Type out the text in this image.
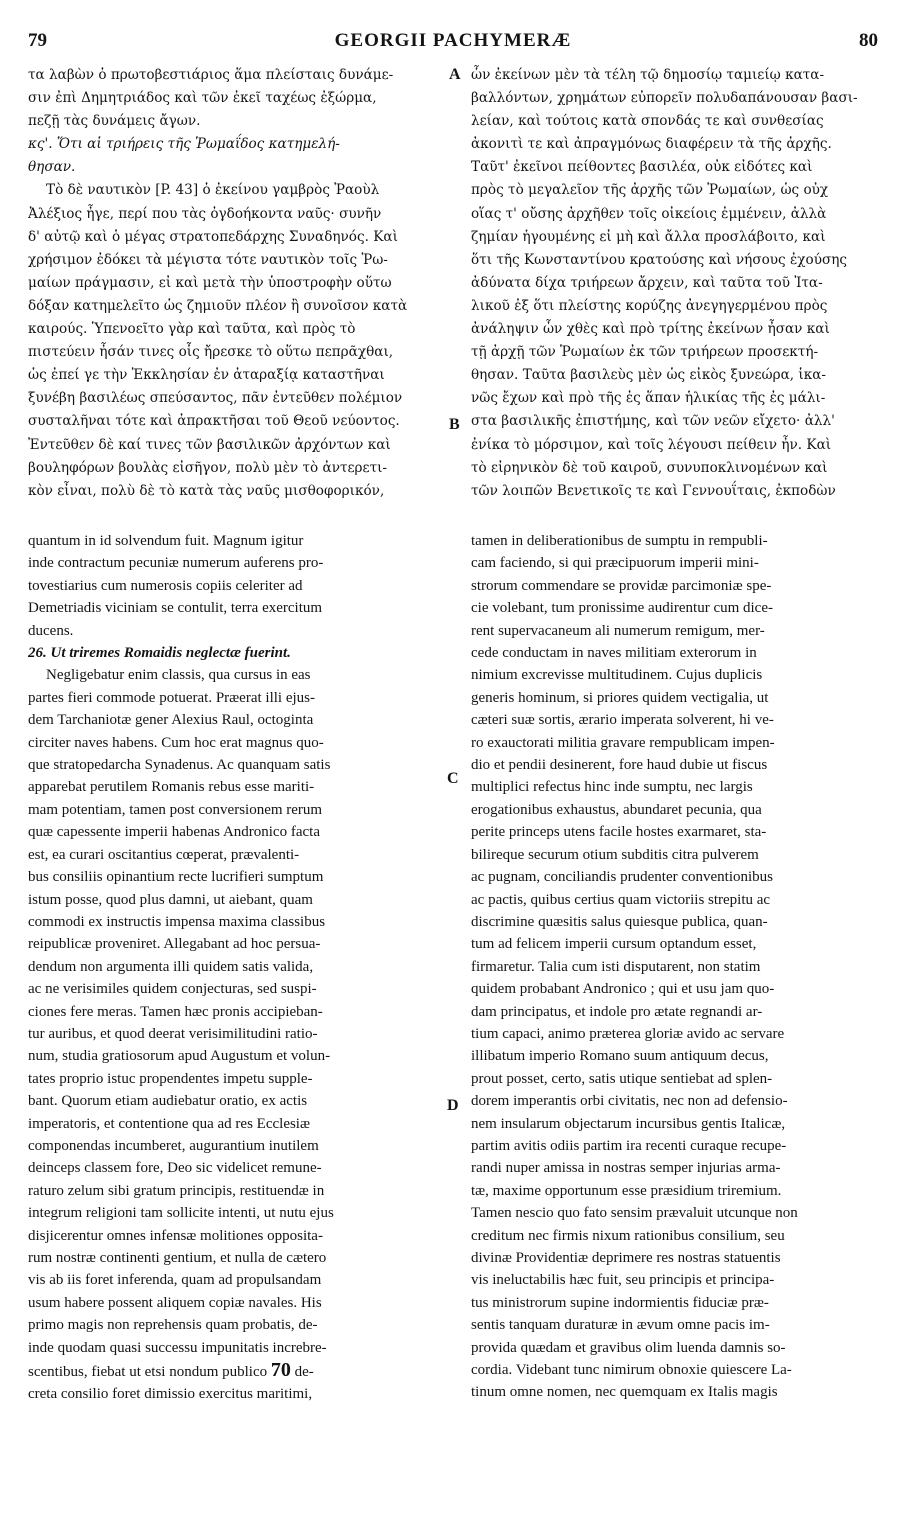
79	GEORGII PACHYMERÆ	80
τα λαβὼν ὁ πρωτοβεστιάριος ἅμα πλείσταις δυνάμε-
σιν ἐπὶ Δημητριάδος καὶ τῶν ἐκεῖ ταχέως ἐξώρμα,
πεζῇ τὰς δυνάμεις ἄγων.
κς'. Ὅτι αἱ τριήρεις τῆς Ῥωμαΐδος κατημελή-
θησαν.
Τὸ δὲ ναυτικὸν [P. 43] ὁ ἐκείνου γαμβρὸς Ῥαοὺλ
Ἀλέξιος ἦγε, περί που τὰς ὀγδοήκοντα ναῦς· συνῆν
δ' αὐτῷ καὶ ὁ μέγας στρατοπεδάρχης Συναδηνός. Καὶ
χρήσιμον ἐδόκει τὰ μέγιστα τότε ναυτικὸν τοῖς Ῥω-
μαίων πράγμασιν, εἰ καὶ μετὰ τὴν ὑποστροφὴν οὕτω
δόξαν κατημελεῖτο ὡς ζημιοῦν πλέον ἢ συνοῖσον κατὰ
καιρούς. Ὑπενοεῖτο γὰρ καὶ ταῦτα, καὶ πρὸς τὸ
πιστεύειν ἦσάν τινες οἷς ἤρεσκε τὸ οὕτω πεπρᾶχθαι,
ὡς ἐπεί γε τὴν Ἐκκλησίαν ἐν ἀταραξίᾳ καταστῆναι
ξυνέβη βασιλέως σπεύσαντος, πᾶν ἐντεῦθεν πολέμιον
συσταλῆναι τότε καὶ ἀπρακτῆσαι τοῦ Θεοῦ νεύοντος.
Ἐντεῦθεν δὲ καί τινες τῶν βασιλικῶν ἀρχόντων καὶ
βουληφόρων βουλὰς εἰσῆγον, πολὺ μὲν τὸ ἀντερετι-
κὸν εἶναι, πολὺ δὲ τὸ κατὰ τὰς ναῦς μισθοφορικόν,
ὧν ἐκείνων μὲν τὰ τέλη τῷ δημοσίῳ ταμιείῳ κατα-
βαλλόντων, χρημάτων εὐπορεῖν πολυδαπάνουσαν βασι-
λείαν, καὶ τούτοις κατὰ σπονδάς τε καὶ συνθεσίας
ἀκονιτὶ τε καὶ ἀπραγμόνως διαφέρειν τὰ τῆς ἀρχῆς.
Ταῦτ' ἐκεῖνοι πείθοντες βασιλέα, οὐκ εἰδότες καὶ
πρὸς τὸ μεγαλεῖον τῆς ἀρχῆς τῶν Ῥωμαίων, ὡς οὐχ
οἵας τ' οὔσης ἀρχῆθεν τοῖς οἰκείοις ἐμμένειν, ἀλλὰ
ζημίαν ἡγουμένης εἰ μὴ καὶ ἄλλα προσλάβοιτο, καὶ
ὅτι τῆς Κωνσταντίνου κρατούσης καὶ νήσους ἐχούσης
ἀδύνατα δίχα τριήρεων ἄρχειν, καὶ ταῦτα τοῦ Ἰτα-
λικοῦ ἐξ ὅτι πλείστης κορύζης ἀνεγηγερμένου πρὸς
ἀνάληψιν ὧν χθὲς καὶ πρὸ τρίτης ἐκείνων ἦσαν καὶ
τῇ ἀρχῇ τῶν Ῥωμαίων ἐκ τῶν τριήρεων προσεκτή-
θησαν. Ταῦτα βασιλεὺς μὲν ὡς εἰκὸς ξυνεώρα, ἱκα-
νῶς ἔχων καὶ πρὸ τῆς ἐς ἅπαν ἡλικίας τῆς ἐς μάλι-
στα βασιλικῆς ἐπιστήμης, καὶ τῶν νεῶν εἴχετο· ἀλλ'
ἐνίκα τὸ μόρσιμον, καὶ τοῖς λέγουσι πείθειν ἦν. Καὶ
τὸ εἰρηνικὸν δὲ τοῦ καιροῦ, συνυποκλινομένων καὶ
τῶν λοιπῶν Βενετικοῖς τε καὶ Γεννουΐταις, ἐκποδὼν
quantum in id solvendum fuit. Magnum igitur
inde contractum pecuniæ numerum auferens pro-
tovestiarius cum numerosis copiis celeriter ad
Demetriadis viciniam se contulit, terra exercitum
ducens.
26. Ut triremes Romaidis neglectæ fuerint.
Negligebatur enim classis, qua cursus in eas
partes fieri commode potuerat. Præerat illi ejus-
dem Tarchaniotæ gener Alexius Raul, octoginta
circiter naves habens. Cum hoc erat magnus quo-
que stratopedarcha Synadenus. Ac quanquam satis
apparebat perutilem Romanis rebus esse mariti-
mam potentiam, tamen post conversionem rerum
quæ capessente imperii habenas Andronico facta
est, ea curari oscitantius cœperat, prævalenti-
bus consiliis opinantium recte lucrifieri sumptum
istum posse, quod plus damni, ut aiebant, quam
commodi ex instructis impensa maxima classibus
reipublicæ proveniret. Allegabant ad hoc persua-
dendum non argumenta illi quidem satis valida,
ac ne verisimiles quidem conjecturas, sed suspi-
ciones fere meras. Tamen hæc pronis accipieban-
tur auribus, et quod deerat verisimilitudini ratio-
num, studia gratiosorum apud Augustum et volun-
tates proprio istuc propendentes impetu supple-
bant. Quorum etiam audiebatur oratio, ex actis
imperatoris, et contentione qua ad res Ecclesiæ
componendas incumberet, augurantium inutilem
deinceps classem fore, Deo sic videlicet remune-
raturo zelum sibi gratum principis, restituendæ in
integrum religioni tam sollicite intenti, ut nutu ejus
disjicerentur omnes infensæ molitiones opposita-
rum nostræ continenti gentium, et nulla de cætero
vis ab iis foret inferenda, quam ad propulsandam
usum habere possent aliquem copiæ navales. His
primo magis non reprehensis quam probatis, de-
inde quodam quasi successu impunitatis increbre-
scentibus, fiebat ut etsi nondum publico 70 de-

creta consilio foret dimissio exercitus maritimi,
tamen in deliberationibus de sumptu in rempubli-
cam faciendo, si qui præcipuorum imperii mini-
strorum commendare se providæ parcimoniæ spe-
cie volebant, tum pronissime audirentur cum dice-
rent supervacaneum ali numerum remigum, mer-
cede conductam in naves militiam exterorum in
nimium excrevisse multitudinem. Cujus duplicis
generis hominum, si priores quidem vectigalia, ut
cæteri suæ sortis, ærario imperata solverent, hi ve-
ro exauctorati militia gravare rempublicam impen-
dio et pendii desinerent, fore haud dubie ut fiscus
multiplici refectus hinc inde sumptu, nec largis
erogationibus exhaustus, abundaret pecunia, qua
perite princeps utens facile hostes exarmaret, sta-
bilireque securum otium subditis citra pulverem
ac pugnam, conciliandis prudenter conventionibus
ac pactis, quibus certius quam victoriis strepitu ac
discrimine quæsitis salus quiesque publica, quan-
tum ad felicem imperii cursum optandum esset,
firmaretur. Talia cum isti disputarent, non statim
quidem probabant Andronico ; qui et usu jam quo-
dam principatus, et indole pro ætate regnandi ar-
tium capaci, animo præterea gloriæ avido ac servare
illibatum imperio Romano suum antiquum decus,
prout posset, certo, satis utique sentiebat ad splen-
dorem imperantis orbi civitatis, nec non ad defensio-
nem insularum objectarum incursibus gentis Italicæ,
partim avitis odiis partim ira recenti curaque recupe-
randi nuper amissa in nostras semper injurias arma-
tæ, maxime opportunum esse præsidium triremium.
Tamen nescio quo fato sensim prævaluit utcunque non
creditum nec firmis nixum rationibus consilium, seu
divinæ Providentiæ deprimere res nostras statuentis
vis ineluctabilis hæc fuit, seu principis et principa-
tus ministrorum supine indormientis fiduciæ præ-
sentis tanquam duraturæ in ævum omne pacis im-
provida quædam et gravibus olim luenda damnis so-
cordia. Videbant tunc nimirum obnoxie quiescere La-
tinum omne nomen, nec quemquam ex Italis magis
A
B
C
D
